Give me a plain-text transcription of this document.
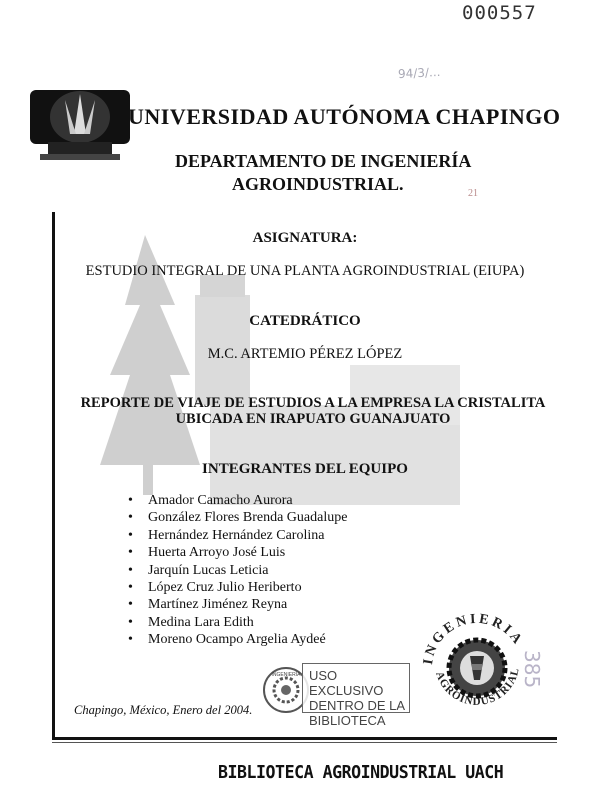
000557
94/3/...
UNIVERSIDAD AUTÓNOMA CHAPINGO
DEPARTAMENTO DE INGENIERÍA
AGROINDUSTRIAL.	21
ASIGNATURA:
ESTUDIO INTEGRAL DE UNA PLANTA AGROINDUSTRIAL (EIUPA)
CATEDRÁTICO
M.C. ARTEMIO PÉREZ LÓPEZ
REPORTE DE VIAJE DE ESTUDIOS A LA EMPRESA LA CRISTALITA
UBICADA EN IRAPUATO GUANAJUATO
INTEGRANTES DEL EQUIPO
• Amador Camacho Aurora
• González Flores Brenda Guadalupe
• Hernández Hernández Carolina
• Huerta Arroyo José Luis
• Jarquín Lucas Leticia
• López Cruz Julio Heriberto
• Martínez Jiménez Reyna
• Medina Lara Edith
• Moreno Ocampo Argelia Aydeé
Chapingo, México, Enero del 2004.
INGENIERÍA USO EXCLUSIVO
DENTRO DE LA
BIBLIOTECA
INGENIERIA
AGROINDUSTRIAL
385
BIBLIOTECA AGROINDUSTRIAL UACH
